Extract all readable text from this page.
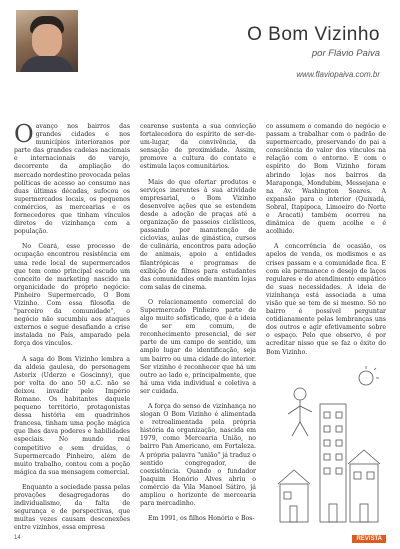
O Bom Vizinho
por Flávio Paiva
www.flaviopaiva.com.br

O avanço nos bairros das grandes cidades e nos municípios interioranos por parte das grandes cadeias nacionais e internacionais do varejo, decorrente da ampliação do mercado nordestino provocada pelas políticas de acesso ao consumo nas duas últimas décadas, sufocou os supermercados locais, os pequenos comércios, as mercearias e os fornecedores que tinham vínculos diretos de vizinhança com a população.

No Ceará, esse processo de ocupação encontrou resistência em uma rede local de supermercados que tem como principal escudo um conceito de marketing nascido na organicidade do próprio negócio: Pinheiro Supermercado, O Bom Vizinho. Com essa filosofia de "parceiro da comunidade", o negócio não sucumbiu aos ataques externos e segue desafiando a crise instalada no País, amparado pela força dos vínculos.

A saga do Bom Vizinho lembra a da aldeia gaulesa, do personagem Asterix (Uderzo e Goscinny), que por volta do ano 50 a.C. não se deixou invadir pelo Império Romano. Os habitantes daquele pequeno território, protagonistas dessa história em quadrinhos francesa, tinham uma poção mágica que lhes dava poderes e habilidades especiais. No mundo real competitivo e sem druidas, o Supermercado Pinheiro, além de muito trabalho, contou com a poção mágica da sua mensagem comercial.

Enquanto a sociedade passa pelas provações desagregadoras do individualismo, da falta de segurança e de perspectivas, que muitas vezes causam desconexões entre vizinhos, essa empresa

cearense sustenta a sua convicção fortalecedora do espírito de ser-de-um-lugar, da convivência, da sensação de proximidade. Assim, promove a cultura do contato e estimula laços comunitários.

Mais do que ofertar produtos e serviços inerentes à sua atividade empresarial, o Bom Vizinho desenvolve ações que se estendem desde a adoção de praças até a organização de passeios ciclísticos, passando por manutenção de ciclovias, aulas de ginástica, cursos de culinária, encontros para adoção de animais, apoio a entidades filantrópicas e programas de exibição de filmes para estudantes das comunidades onde mantém lojas com salas de cinema.

O relacionamento comercial do Supermercado Pinheiro parte de algo muito sofisticado, que é a ideia de ser em comum, de reconhecimento presencial, de ser parte de um campo de sentido, um amplo lugar de identificação, seja um bairro ou uma cidade do interior. Ser vizinho é reconhecer que há um outro ao lado e, principalmente, que há uma vida individual e coletiva a ser cuidada.

A força do senso de vizinhança no slogan O Bom Vizinho é alimentada e retroalimentada pela própria história da organização, nascida em 1979, como Mercearia União, no bairro Pan Americano, em Fortaleza. A própria palavra "união" já traduz o sentido congregador, de coexistência. Quando o fundador Joaquim Honório Alves abriu o comércio da Vila Manoel Sátiro, já ampliou o horizonte de mercearia para mercadinho.

Em 1991, os filhos Honório e Bos-

co assumem o comando do negócio e passam a trabalhar com o padrão de supermercado, preservando do pai a consciência do valor dos vínculos na relação com o entorno. E com o espírito do Bom Vizinho foram abrindo lojas nos bairros da Maraponga, Mondubim, Messejana e na Av. Washington Soares. A expansão para o interior (Quixadá, Sobral, Itapipoca, Limoeiro do Norte e Aracati) também ocorreu na dinâmica de quem acolhe e é acolhido.

A concorrência de ocasião, os apelos de venda, os modismos e as crises passam e a comunidade fica. E com ela permanece o desejo de laços regulares e do atendimento empático de suas necessidades. A ideia de vizinhança está associada a uma visão que se tem de si mesmo. Só no bairro é possível perguntar cotidianamente pelas lembranças uns dos outros e agir efetivamente sobre o espaço. Pelo que observo, é por acreditar nisso que se faz o êxito do Bom Vizinho.

14	REVISTA
